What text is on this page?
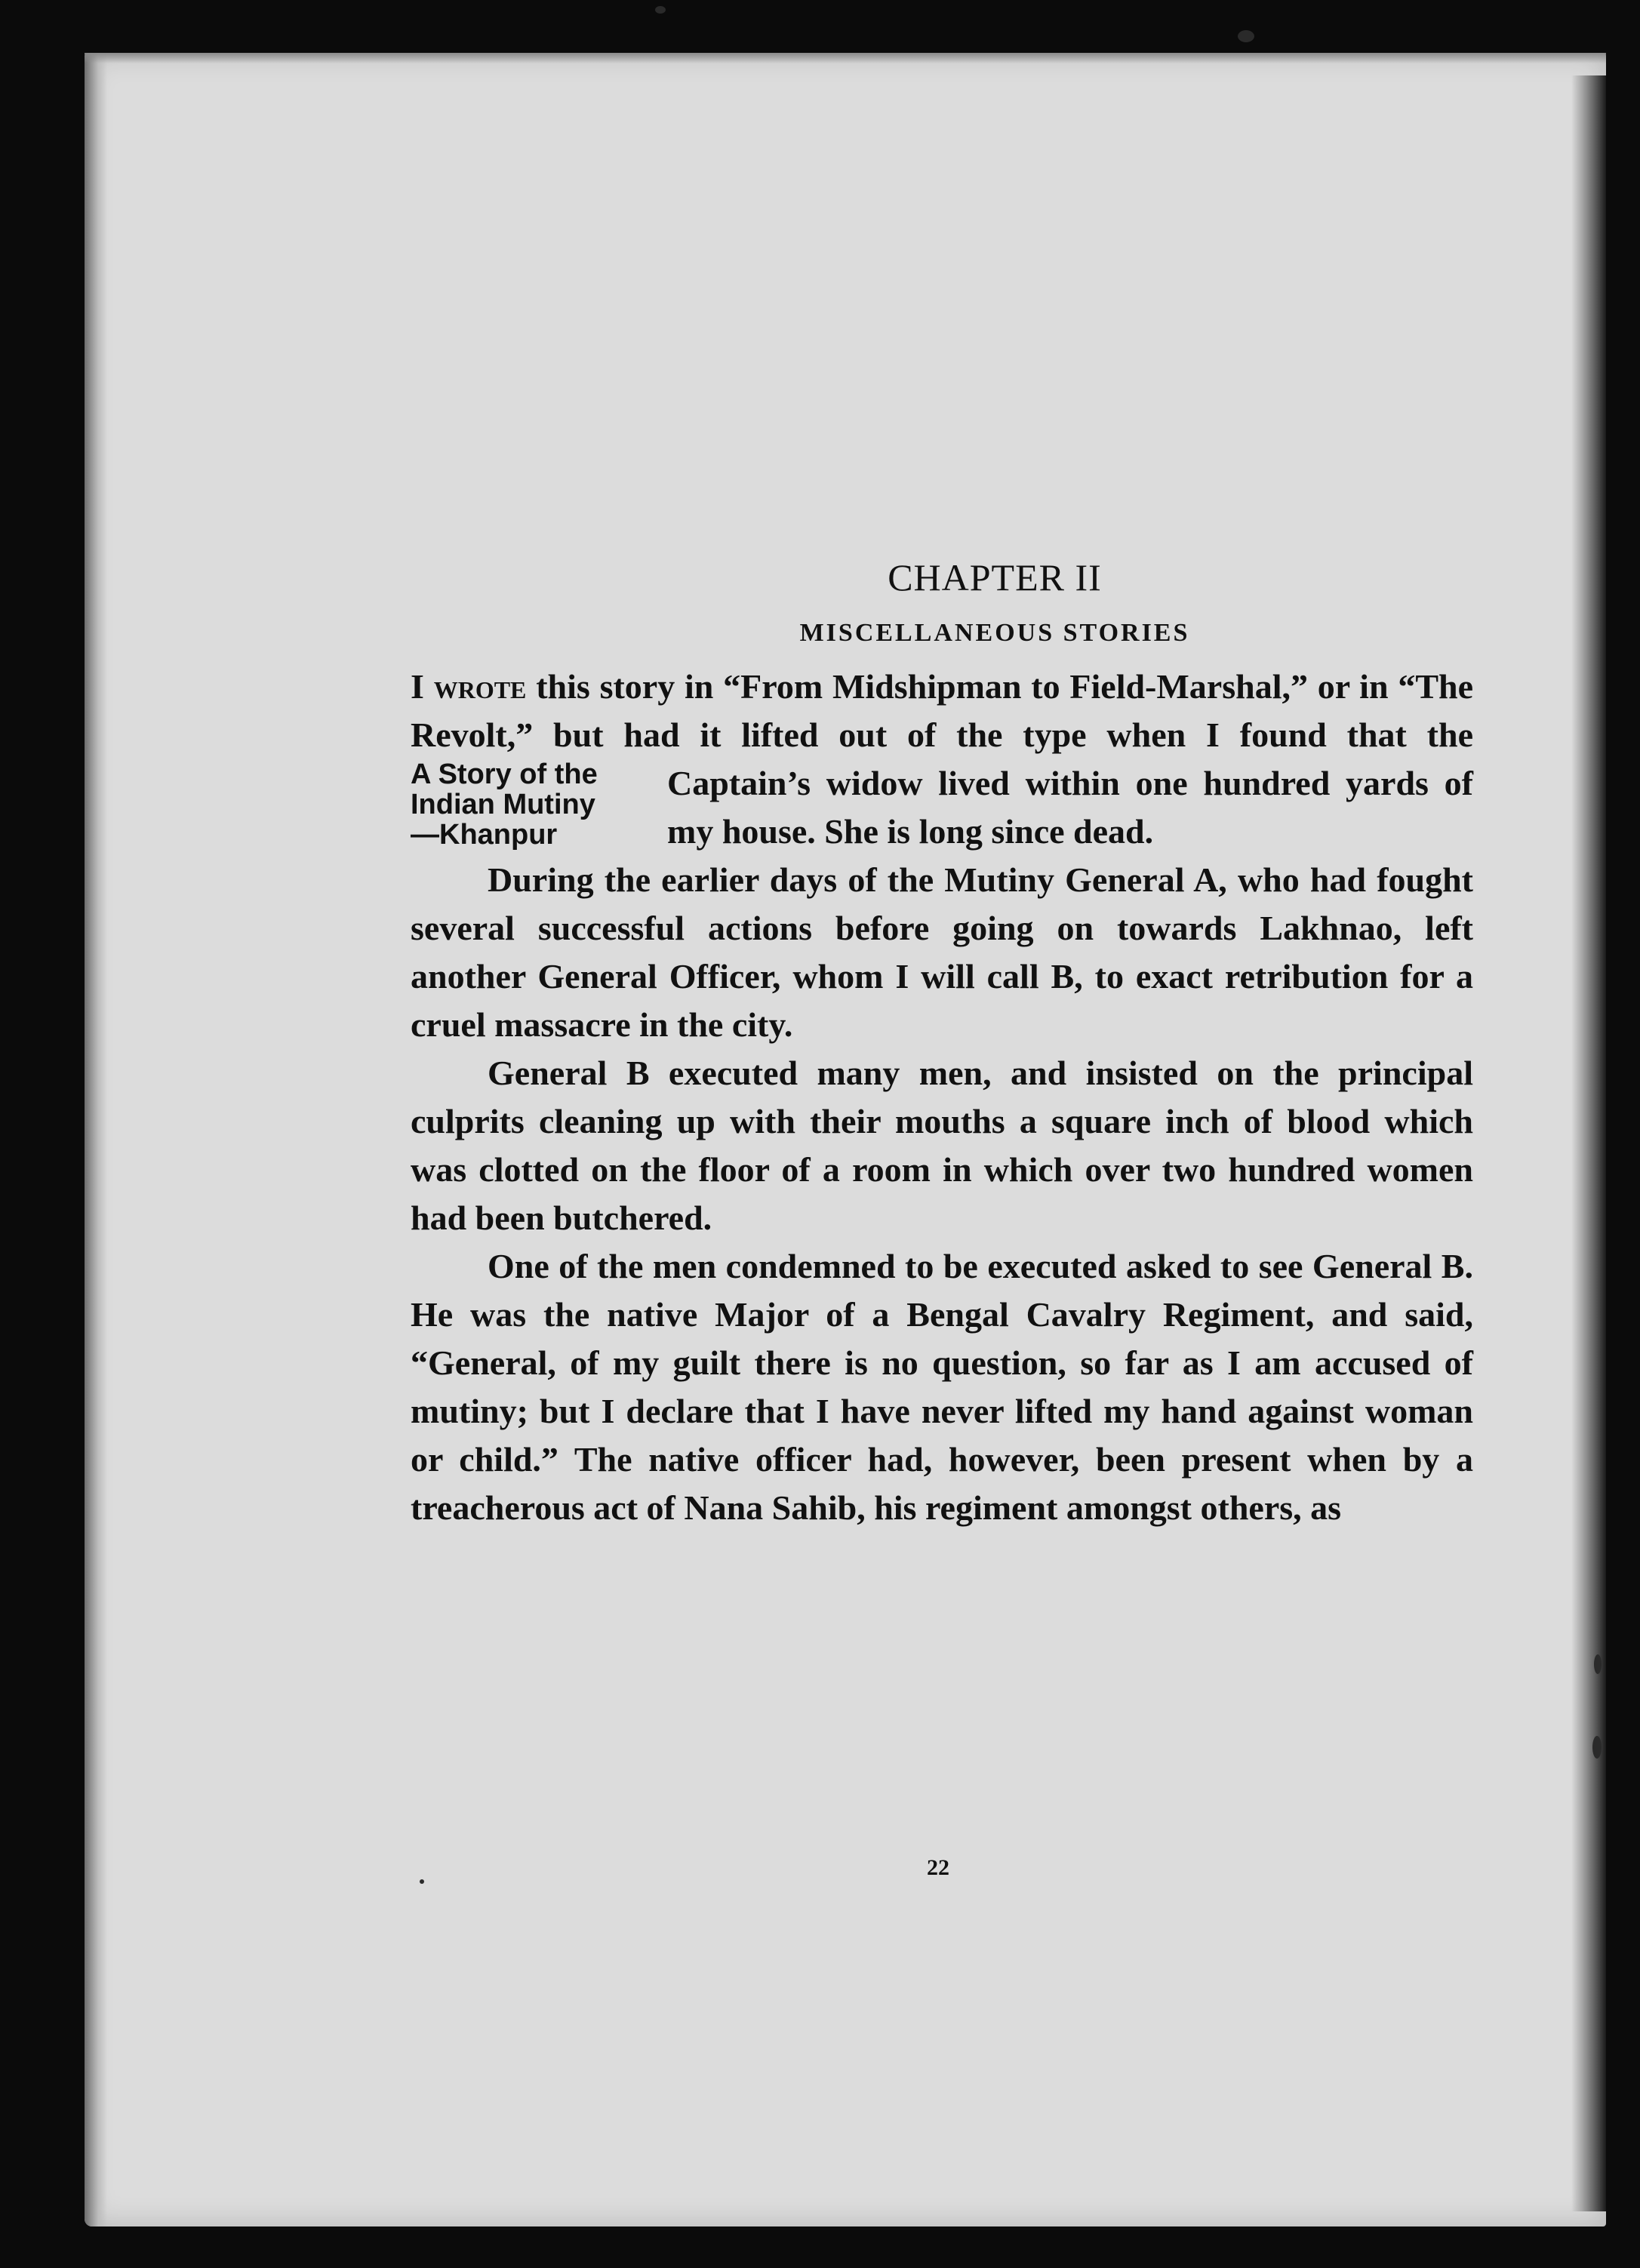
CHAPTER II
MISCELLANEOUS STORIES

A Story of the
Indian Mutiny
—Khanpur
I wrote this story in “From Midshipman to Field-Marshal,” or in “The Revolt,” but had it lifted out of the type when I found that the Captain’s widow lived within one hundred yards of my house. She is long since dead.

During the earlier days of the Mutiny General A, who had fought several successful actions before going on towards Lakhnao, left another General Officer, whom I will call B, to exact retribution for a cruel massacre in the city.

General B executed many men, and insisted on the principal culprits cleaning up with their mouths a square inch of blood which was clotted on the floor of a room in which over two hundred women had been butchered.

One of the men condemned to be executed asked to see General B. He was the native Major of a Bengal Cavalry Regiment, and said, “General, of my guilt there is no question, so far as I am accused of mutiny; but I declare that I have never lifted my hand against woman or child.” The native officer had, however, been present when by a treacherous act of Nana Sahib, his regiment amongst others, as

22
